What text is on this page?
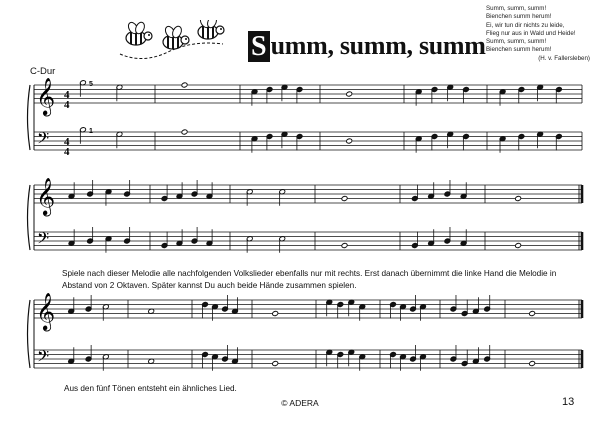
S umm, summ, summ
Summ, summ, summ!
Bienchen summ herum!
Ei, wir tun dir nichts zu leide,
Flieg nur aus in Wald und Heide!
Summ, summ, summ!
Bienchen summ herum!
(H. v. Fallersleben)
C-Dur
4
4
4
4
5
1
𝄞
𝄢
𝄞
𝄢
𝄞
𝄢
Spiele nach dieser Melodie alle nachfolgenden Volkslieder ebenfalls nur mit rechts. Erst danach übernimmt die linke Hand die Melodie in Abstand von 2 Oktaven. Später kannst Du auch beide Hände zusammen spielen.
Aus den fünf Tönen entsteht ein ähnliches Lied.
© ADERA	13
